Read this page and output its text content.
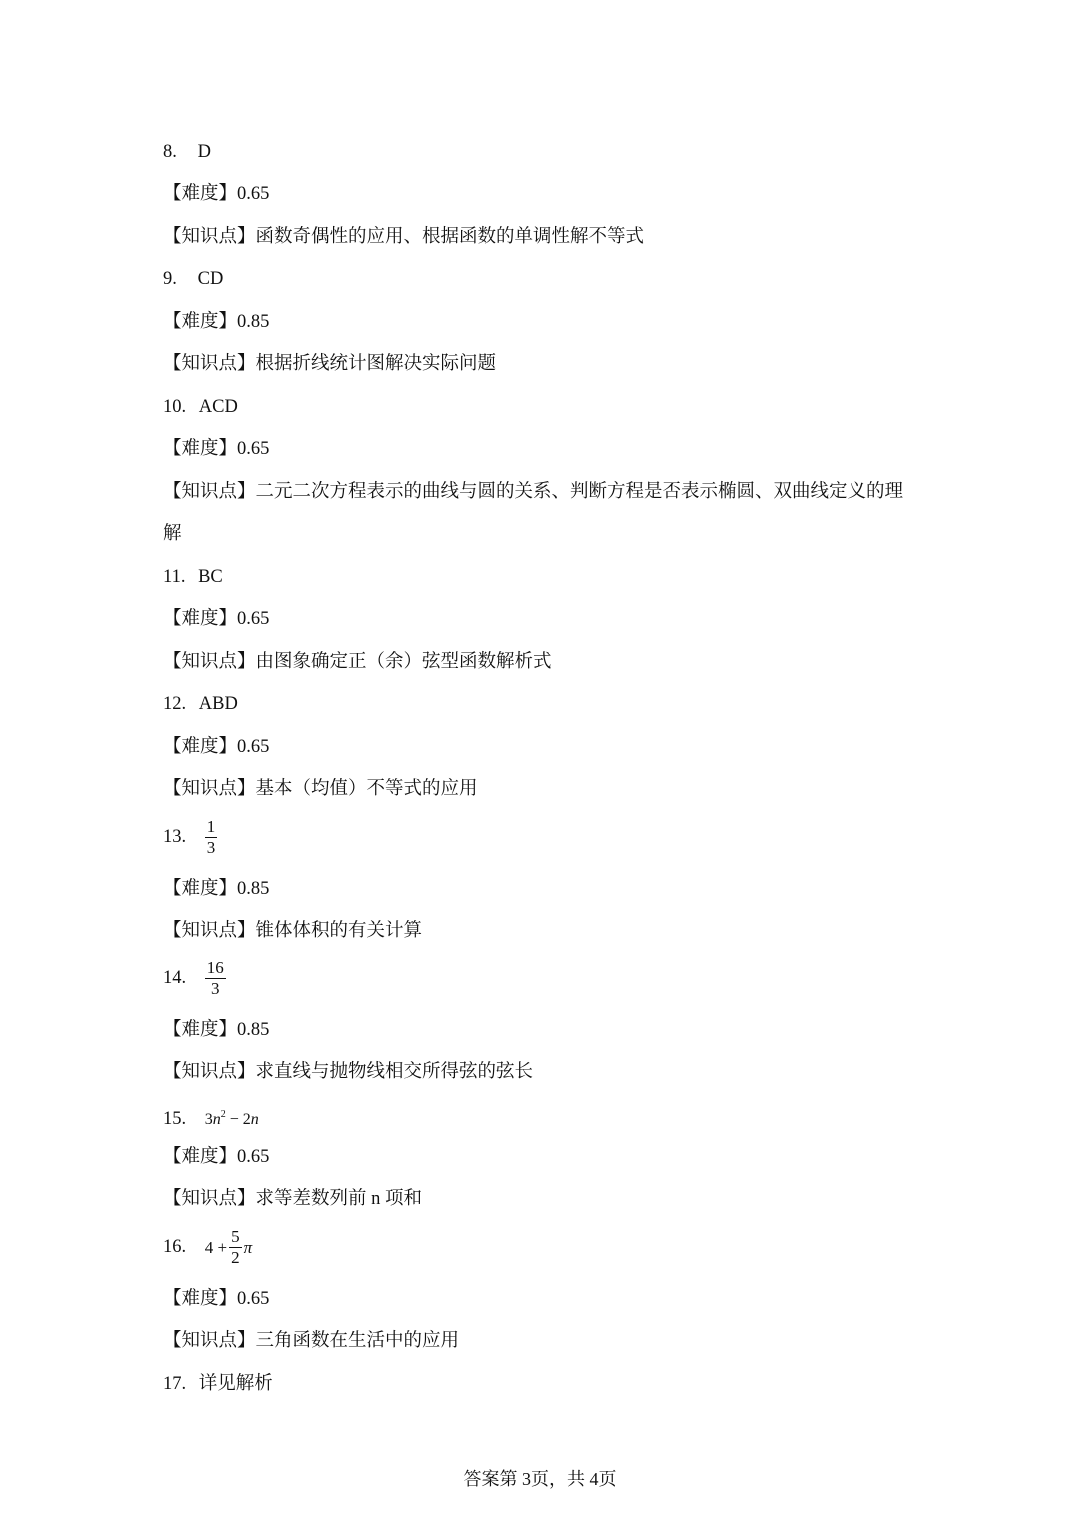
8. D
【难度】0.65
【知识点】函数奇偶性的应用、根据函数的单调性解不等式
9. CD
【难度】0.85
【知识点】根据折线统计图解决实际问题
10. ACD
【难度】0.65
【知识点】二元二次方程表示的曲线与圆的关系、判断方程是否表示椭圆、双曲线定义的理
解
11. BC
【难度】0.65
【知识点】由图象确定正（余）弦型函数解析式
12. ABD
【难度】0.65
【知识点】基本（均值）不等式的应用
13. $\frac{1}{3}$
【难度】0.85
【知识点】锥体体积的有关计算
14. $\frac{16}{3}$
【难度】0.85
【知识点】求直线与抛物线相交所得弦的弦长
15. $3n^2 - 2n$
【难度】0.65
【知识点】求等差数列前 n 项和
16. $4 + \frac{5}{2}$ π
【难度】0.65
【知识点】三角函数在生活中的应用
17. 详见解析
答案第 3页，共 4页
